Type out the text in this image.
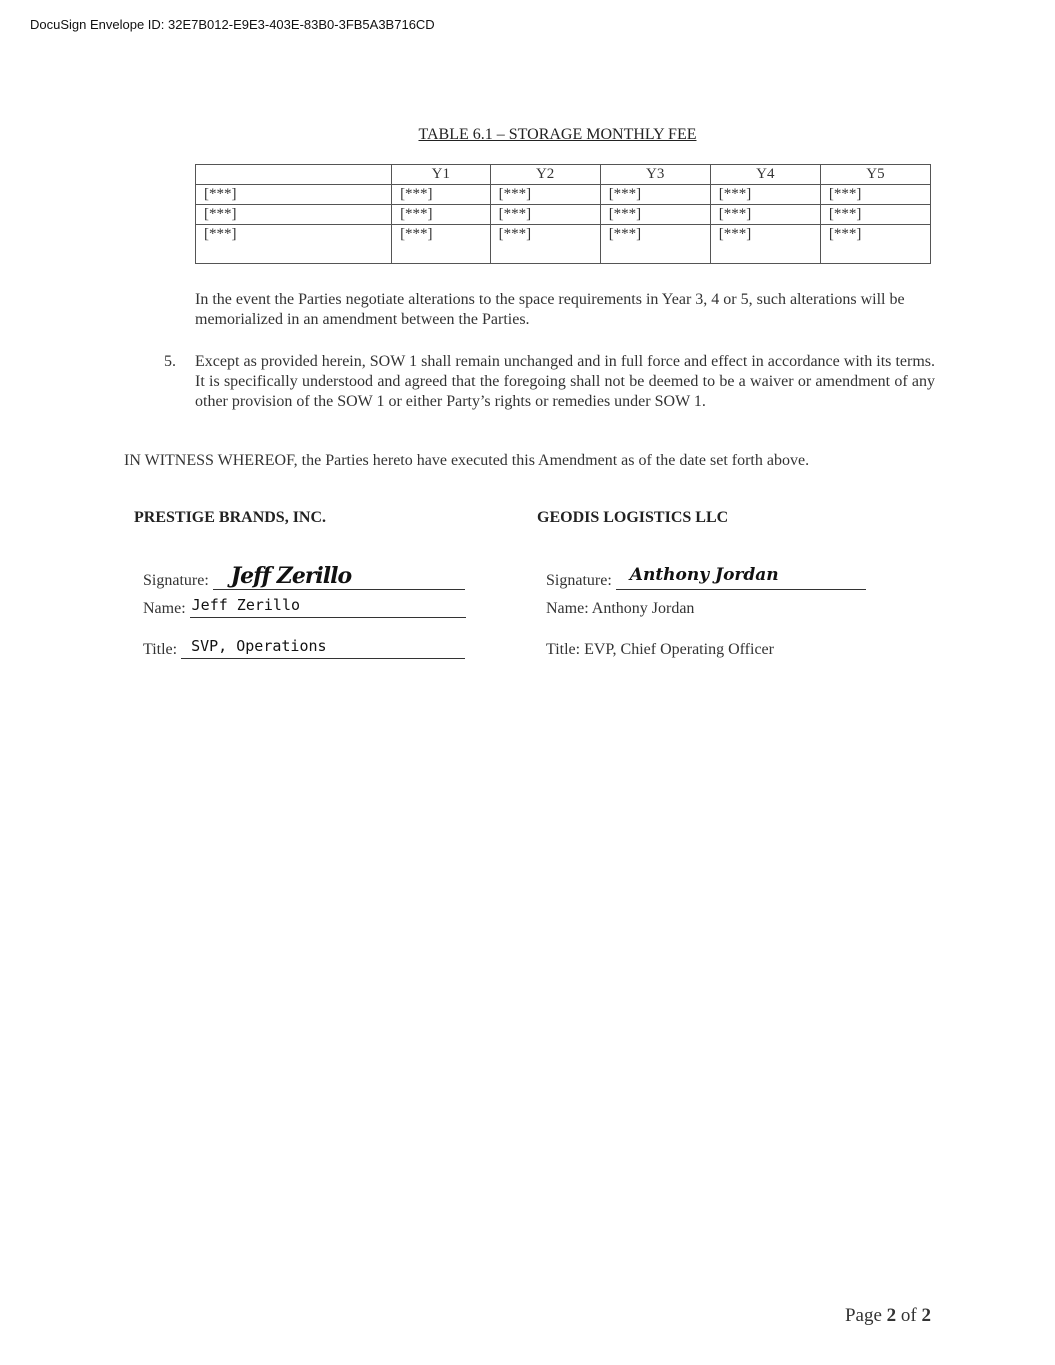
DocuSign Envelope ID: 32E7B012-E9E3-403E-83B0-3FB5A3B716CD
TABLE 6.1 – STORAGE MONTHLY FEE
	Y1	Y2	Y3	Y4	Y5
[***]	[***]	[***]	[***]	[***]	[***]
[***]	[***]	[***]	[***]	[***]	[***]
[***]	[***]	[***]	[***]	[***]	[***]
In the event the Parties negotiate alterations to the space requirements in Year 3, 4 or 5, such alterations will be memorialized in an amendment between the Parties.
5. Except as provided herein, SOW 1 shall remain unchanged and in full force and effect in accordance with its terms. It is specifically understood and agreed that the foregoing shall not be deemed to be a waiver or amendment of any other provision of the SOW 1 or either Party’s rights or remedies under SOW 1.
IN WITNESS WHEREOF, the Parties hereto have executed this Amendment as of the date set forth above.
PRESTIGE BRANDS, INC.	GEODIS LOGISTICS LLC
Signature: Jeff Zerillo
Name: Jeff Zerillo
Title: SVP, Operations
Signature: Anthony Jordan
Name: Anthony Jordan
Title: EVP, Chief Operating Officer
Page 2 of 2
